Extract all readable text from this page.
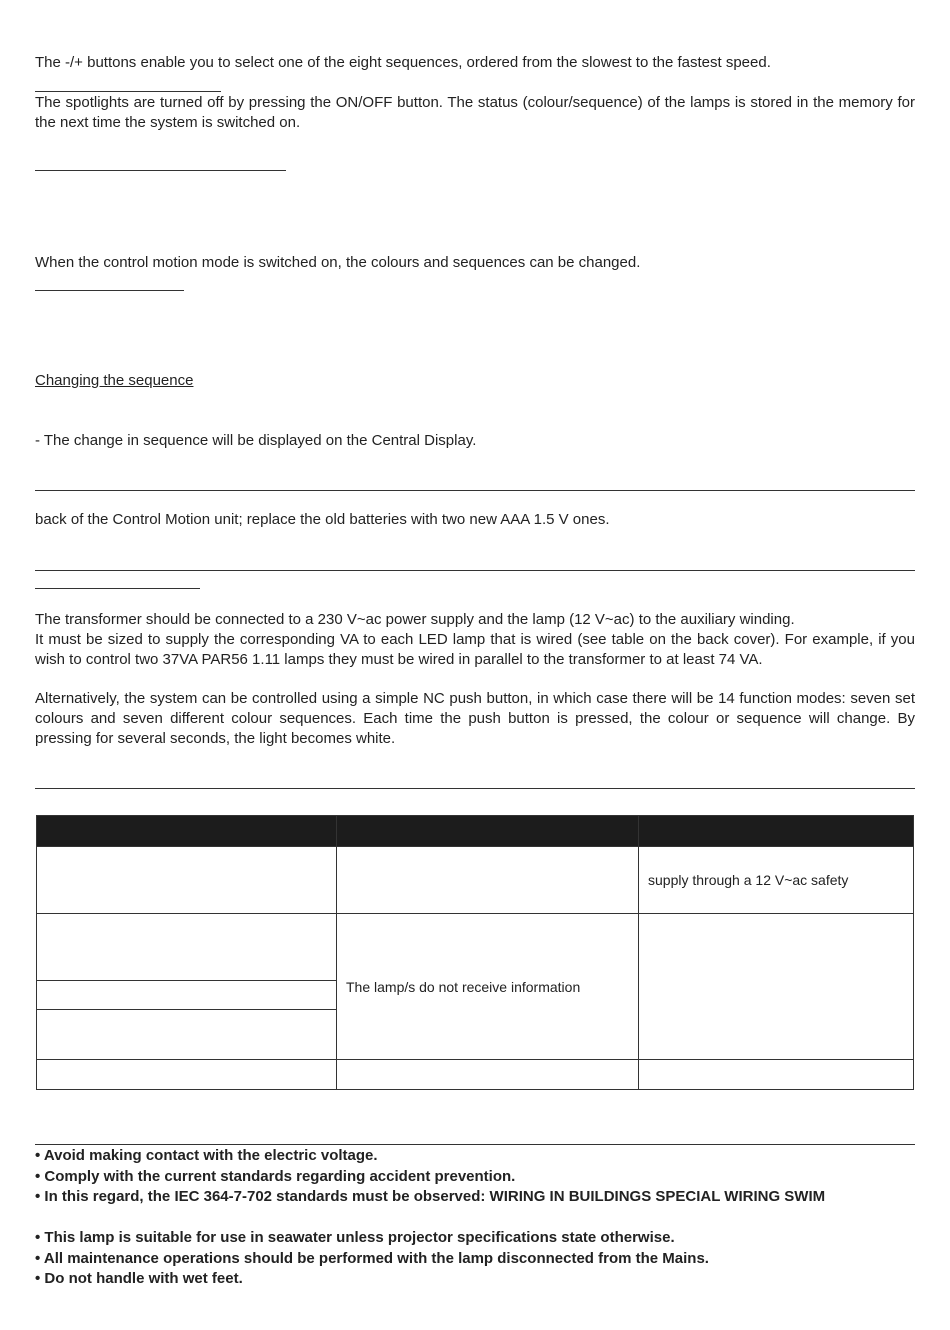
The -/+ buttons enable you to select one of the eight sequences, ordered from the slowest to the fastest speed.

The spotlights are turned off by pressing the ON/OFF button. The status (colour/sequence) of the lamps is stored in the memory for the next time the system is switched on.

When the control motion mode is switched on, the colours and sequences can be changed.

Changing the sequence

- The change in sequence will be displayed on the Central Display.

back of the Control Motion unit; replace the old batteries with two new AAA 1.5 V ones.

The transformer should be connected to a 230 V~ac power supply and the lamp (12 V~ac) to the auxiliary winding.

It must be sized to supply the corresponding VA to each LED lamp that is wired (see table on the back cover). For example, if you wish to control two 37VA PAR56 1.11 lamps they must be wired in parallel to the transformer to at least 74 VA.

Alternatively, the system can be controlled using a simple NC push button, in which case there will be 14 function modes: seven set colours and seven different colour sequences. Each time the push button is pressed, the colour or sequence will change. By pressing for several seconds, the light becomes white.

		supply through a 12 V~ac safety
	The lamp/s do not receive information	

• Avoid making contact with the electric voltage.
• Comply with the current standards regarding accident prevention.
• In this regard, the IEC 364-7-702 standards must be observed: WIRING IN BUILDINGS SPECIAL WIRING SWIM
• This lamp is suitable for use in seawater unless projector specifications state otherwise.
• All maintenance operations should be performed with the lamp disconnected from the Mains.
• Do not handle with wet feet.
